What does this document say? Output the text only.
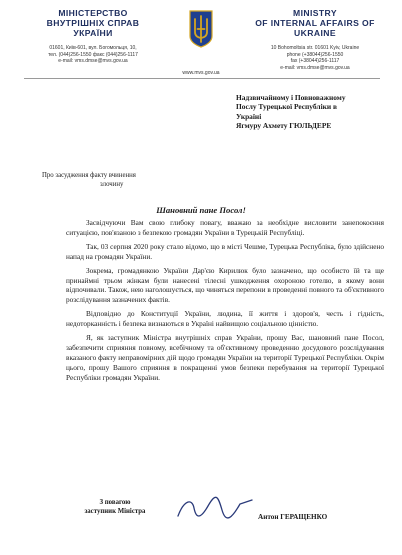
МІНІСТЕРСТВО
ВНУТРІШНІХ СПРАВ
УКРАЇНИ
01601, Київ-601, вул. Богомольця, 10,
тел. (044)256-1550 факс (044)256-1117
e-mail: vms.dmse@mvs.gov.ua
MINISTRY
OF INTERNAL AFFAIRS OF
UKRAINE
10 Bohomoltsia str. 01601 Kyiv, Ukraine
phone (+38044)256-1550
fax (+38044)256-1117
e-mail: vms.dmse@mvs.gov.ua
www.mvs.gov.ua
Надзвичайному і Повноважному
Послу Турецької Республіки в
Україні
Ягмуру Ахмету ГЮЛЬДЕРЕ
Про засудження факту вчинення
злочину
Шановний пане Посол!

Засвідчуючи Вам свою глибоку повагу, вважаю за необхідне висловити занепокоєння ситуацією, пов'язаною з безпекою громадян України в Турецькій Республіці.

Так, 03 серпня 2020 року стало відомо, що в місті Чешме, Турецька Республіка, було здійснено напад на громадян України.

Зокрема, громадянкою України Дар'єю Кирилюк було зазначено, що особисто їй та ще принаймні трьом жінкам були нанесені тілесні ушкодження охороною готелю, в якому вони відпочивали. Також, нею наголошується, що чиняться перепони в проведенні повного та об'єктивного розслідування зазначених фактів.

Відповідно до Конституції України, людина, її життя і здоров'я, честь і гідність, недоторканність і безпека визнаються в Україні найвищою соціальною цінністю.

Я, як заступник Міністра внутрішніх справ України, прошу Вас, шановний пане Посол, забезпечити сприяння повному, всебічному та об'єктивному проведенню досудового розслідування вказаного факту неправомірних дій щодо громадян України на території Турецької Республіки. Окрім цього, прошу Вашого сприяння в покращенні умов безпеки перебування на території Турецької Республіки громадян України.

З повагою
заступник Міністра
Антон ГЕРАЩЕНКО
